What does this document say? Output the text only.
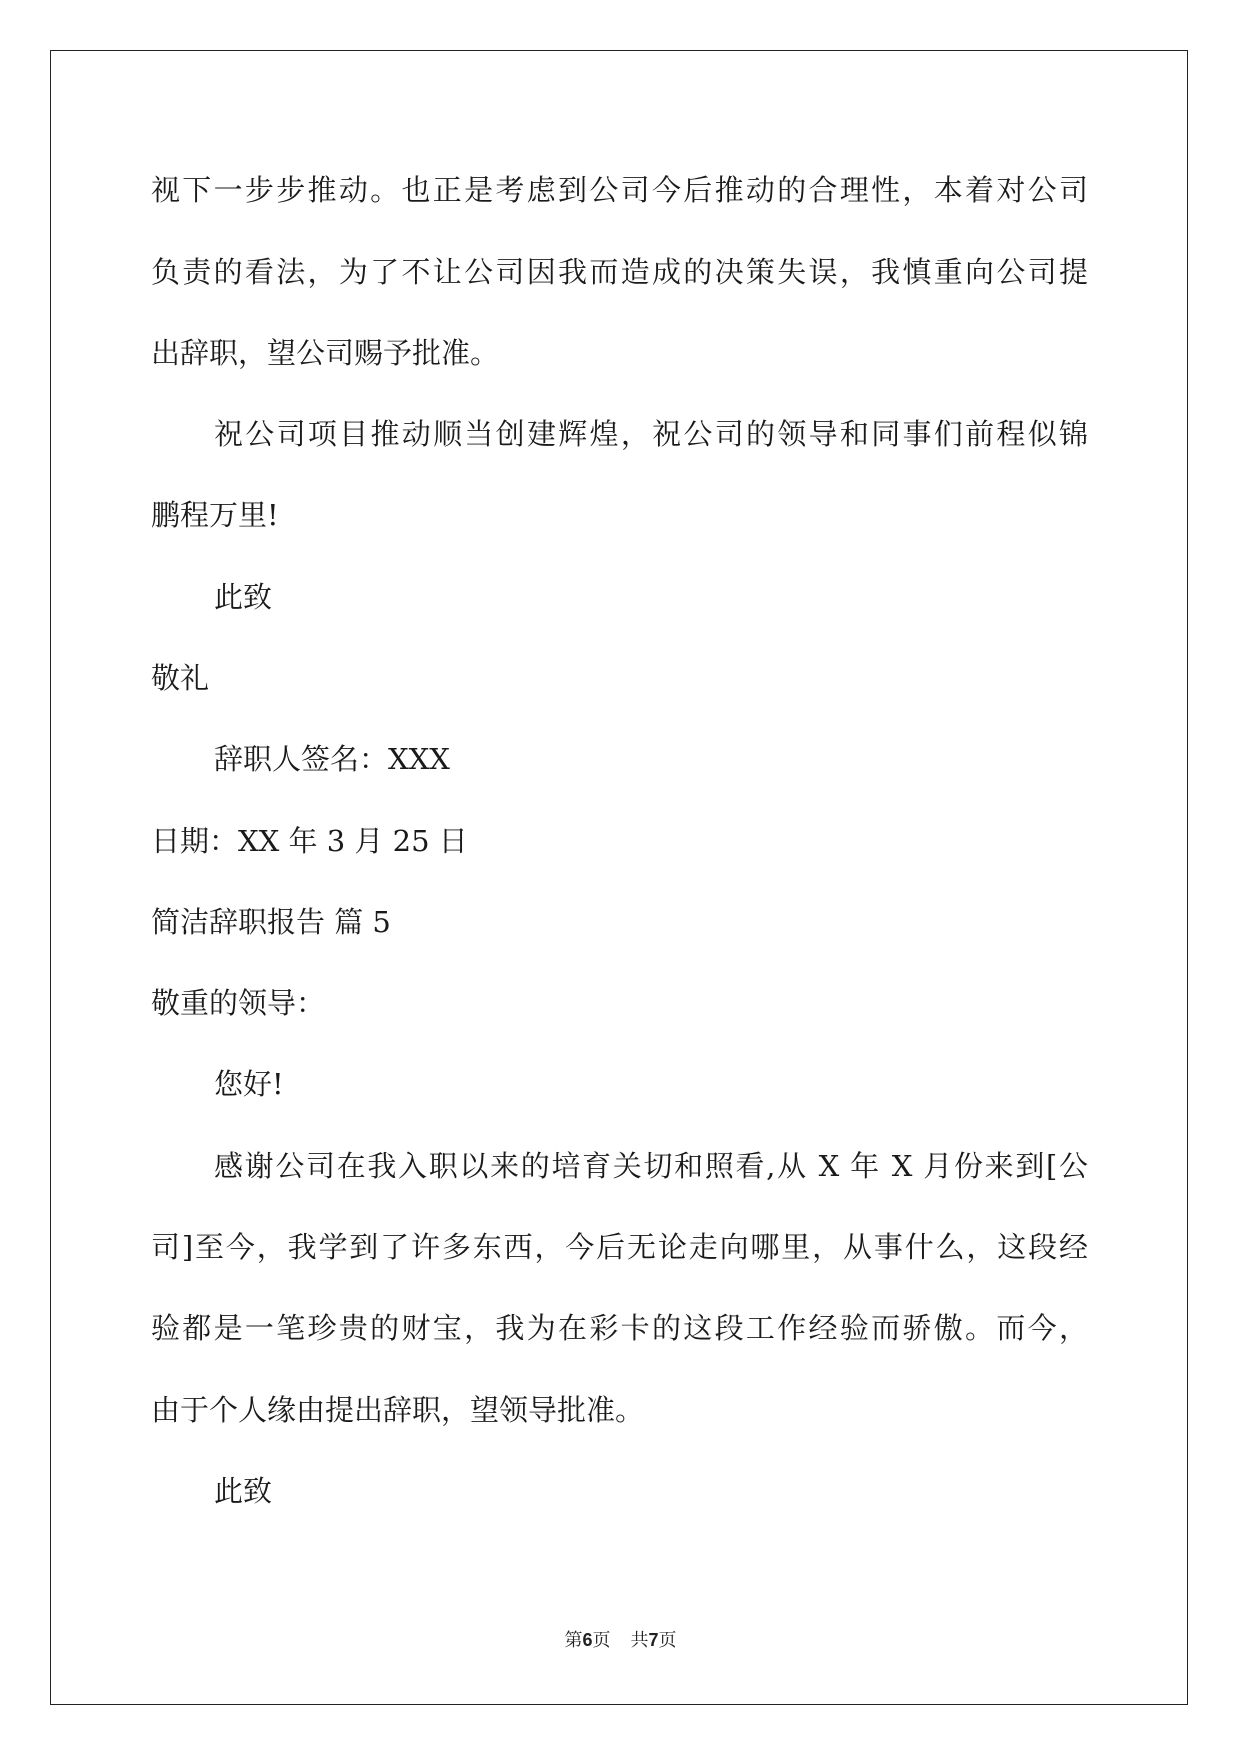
视下一步步推动。也正是考虑到公司今后推动的合理性，本着对公司

负责的看法，为了不让公司因我而造成的决策失误，我慎重向公司提

出辞职，望公司赐予批准。

祝公司项目推动顺当创建辉煌，祝公司的领导和同事们前程似锦

鹏程万里!

此致

敬礼

辞职人签名：XXX

日期：XX 年 3 月 25 日

简洁辞职报告 篇 5

敬重的领导：

您好!

感谢公司在我入职以来的培育关切和照看,从 X 年 X 月份来到[公

司]至今，我学到了许多东西，今后无论走向哪里，从事什么，这段经

验都是一笔珍贵的财宝，我为在彩卡的这段工作经验而骄傲。而今，

由于个人缘由提出辞职，望领导批准。

此致

第6页 共7页
